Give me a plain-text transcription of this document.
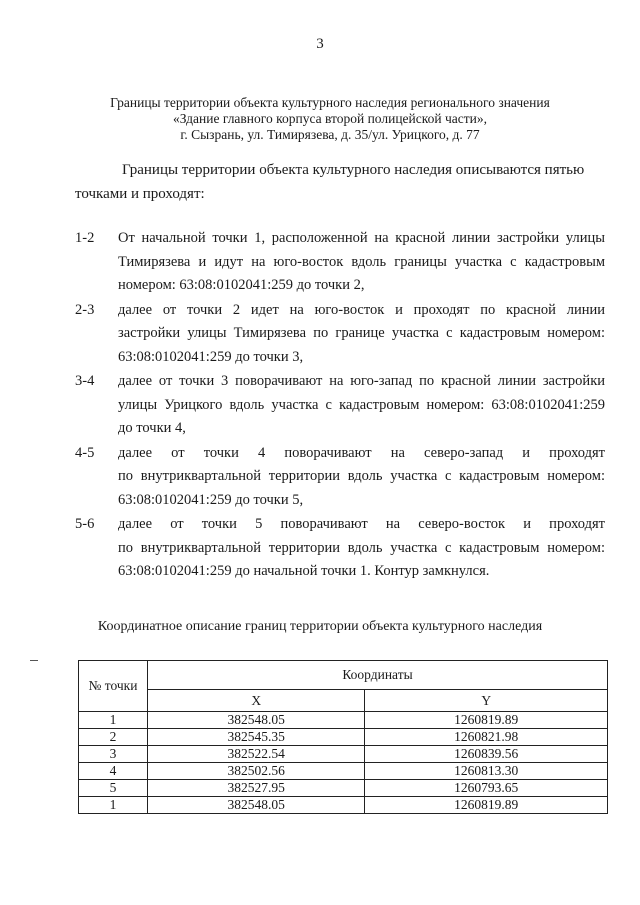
3
Границы территории объекта культурного наследия регионального значения
«Здание главного корпуса второй полицейской части»,
г. Сызрань, ул. Тимирязева, д. 35/ул. Урицкого, д. 77
Границы территории объекта культурного наследия описываются пятью
точками и проходят:
1-2	От начальной точки 1, расположенной на красной линии застройки улицы
Тимирязева и идут на юго-восток вдоль границы участка с кадастровым
номером: 63:08:0102041:259 до точки 2,
2-3	далее от точки 2 идет на юго-восток и проходят по красной линии
застройки улицы Тимирязева по границе участка с кадастровым номером:
63:08:0102041:259 до точки 3,
3-4	далее от точки 3 поворачивают на юго-запад по красной линии застройки
улицы Урицкого вдоль участка с кадастровым номером: 63:08:0102041:259
до точки 4,
4-5	далее от точки 4 поворачивают на северо-запад и проходят
по внутриквартальной территории вдоль участка с кадастровым номером:
63:08:0102041:259 до точки 5,
5-6	далее от точки 5 поворачивают на северо-восток и проходят
по внутриквартальной территории вдоль участка с кадастровым номером:
63:08:0102041:259 до начальной точки 1. Контур замкнулся.
Координатное описание границ территории объекта культурного наследия
№ точки	Координаты	
	X	Y
1	382548.05	1260819.89
2	382545.35	1260821.98
3	382522.54	1260839.56
4	382502.56	1260813.30
5	382527.95	1260793.65
1	382548.05	1260819.89
